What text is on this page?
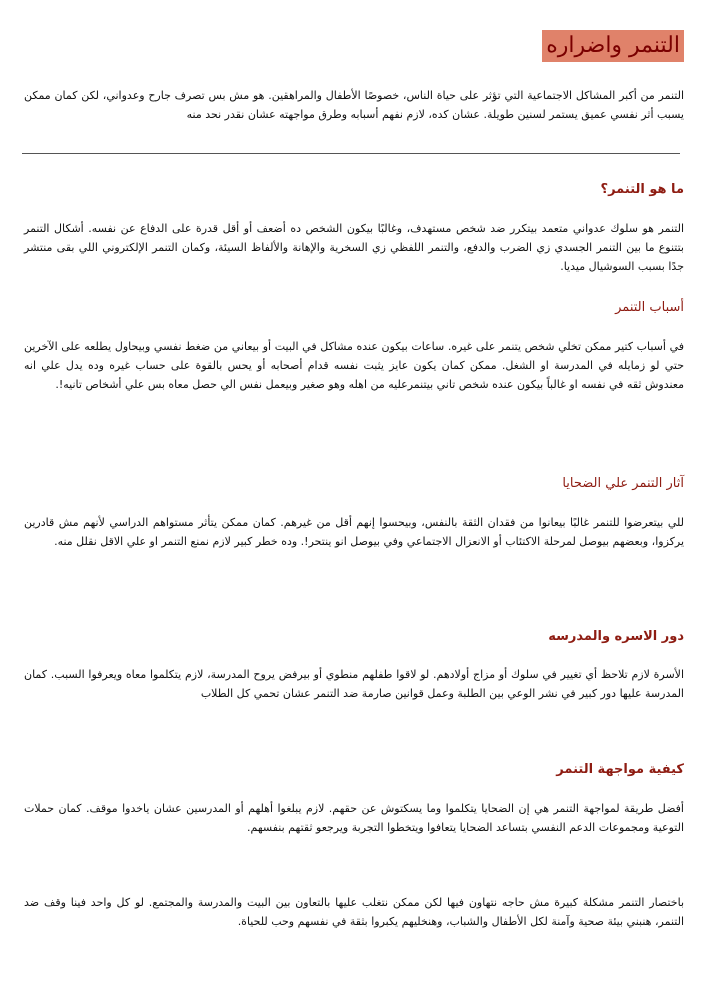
التنمر واضراره

التنمر من أكبر المشاكل الاجتماعية التي تؤثر على حياة الناس، خصوصًا الأطفال والمراهقين. هو مش بس تصرف جارح وعدواني، لكن كمان ممكن يسبب أثر نفسي عميق يستمر لسنين طويلة. عشان كده، لازم نفهم أسبابه وطرق مواجهته عشان نقدر نحد منه

ما هو التنمر؟

التنمر هو سلوك عدواني متعمد بيتكرر ضد شخص مستهدف، وغالبًا بيكون الشخص ده أضعف أو أقل قدرة على الدفاع عن نفسه. أشكال التنمر بتتنوع ما بين التنمر الجسدي زي الضرب والدفع، والتنمر اللفظي زي السخرية والإهانة والألفاظ السيئة، وكمان التنمر الإلكتروني اللي بقى منتشر جدًا بسبب السوشيال ميديا.

أسباب التنمر

في أسباب كتير ممكن تخلي شخص يتنمر على غيره. ساعات بيكون عنده مشاكل في البيت أو بيعاني من ضغط نفسي وبيحاول يطلعه على الآخرين حتي لو زمايله في المدرسة او الشغل. ممكن كمان يكون عايز يثبت نفسه قدام أصحابه أو يحس بالقوة على حساب غيره وده يدل علي انه معندوش ثقه في نفسه او غالباً بيكون عنده شخص تاني بيتنمرعليه من اهله وهو صغير وبيعمل نفس الي حصل معاه بس علي أشخاص تانيه!.

آثار التنمر علي الضحايا

للي بيتعرضوا للتنمر غالبًا بيعانوا من فقدان الثقة بالنفس، وبيحسوا إنهم أقل من غيرهم. كمان ممكن يتأثر مستواهم الدراسي لأنهم مش قادرين يركزوا، وبعضهم بيوصل لمرحلة الاكتئاب أو الانعزال الاجتماعي وفي بيوصل انو ينتحر!. وده خطر كبير لازم نمنع التنمر او علي الاقل نقلل منه.

دور الاسره والمدرسه

الأسرة لازم تلاحظ أي تغيير في سلوك أو مزاج أولادهم. لو لاقوا طفلهم منطوي أو بيرفض يروح المدرسة، لازم يتكلموا معاه ويعرفوا السبب. كمان المدرسة عليها دور كبير في نشر الوعي بين الطلبة وعمل قوانين صارمة ضد التنمر عشان تحمي كل الطلاب

كيفية مواجهة التنمر

أفضل طريقة لمواجهة التنمر هي إن الضحايا يتكلموا وما يسكتوش عن حقهم. لازم يبلغوا أهلهم أو المدرسين عشان ياخدوا موقف. كمان حملات التوعية ومجموعات الدعم النفسي بتساعد الضحايا يتعافوا ويتخطوا التجربة ويرجعو ثقتهم بنفسهم.

باختصار التنمر مشكلة كبيرة مش حاجه نتهاون فيها لكن ممكن نتغلب عليها بالتعاون بين البيت والمدرسة والمجتمع. لو كل واحد فينا وقف ضد التنمر، هنبني بيئة صحية وآمنة لكل الأطفال والشباب، وهنخليهم يكبروا بثقة في نفسهم وحب للحياة.
